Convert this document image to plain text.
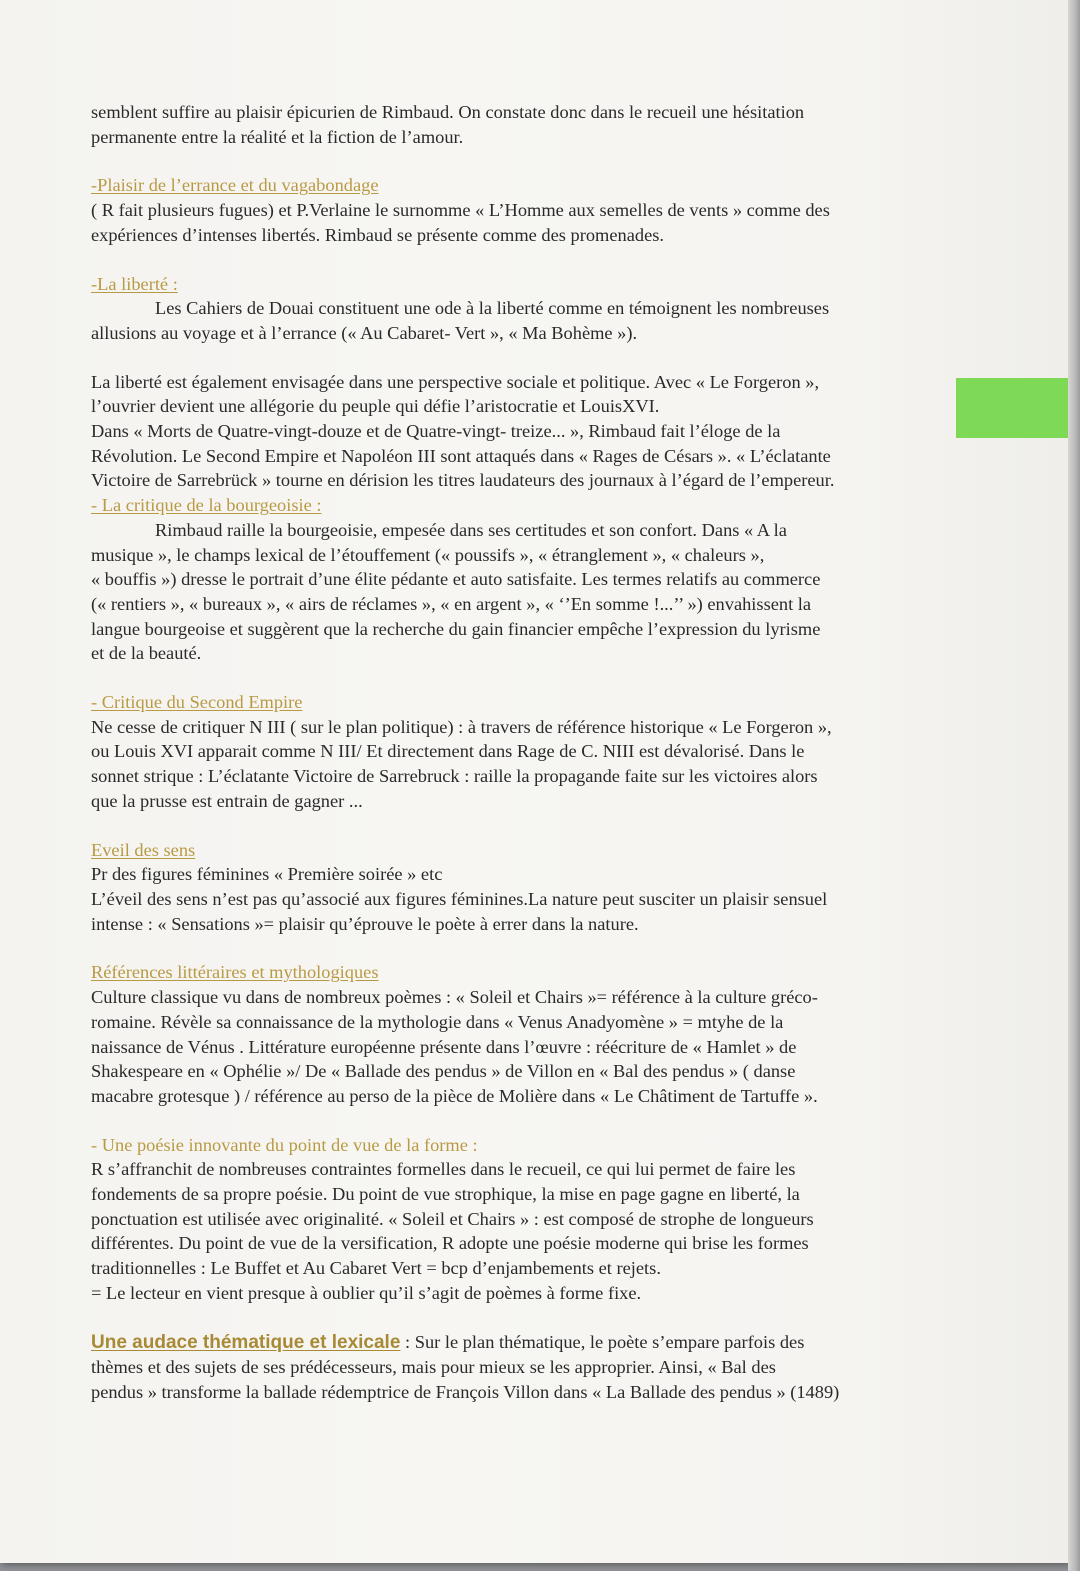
semblent suffire au plaisir épicurien de Rimbaud. On constate donc dans le recueil une hésitation
permanente entre la réalité et la fiction de l’amour.
-Plaisir de l’errance et du vagabondage
( R fait plusieurs fugues) et P.Verlaine le surnomme « L’Homme aux semelles de vents » comme des
expériences d’intenses libertés. Rimbaud se présente comme des promenades.
-La liberté :
Les Cahiers de Douai constituent une ode à la liberté comme en témoignent les nombreuses
allusions au voyage et à l’errance (« Au Cabaret- Vert », « Ma Bohème »).
La liberté est également envisagée dans une perspective sociale et politique. Avec « Le Forgeron »,
l’ouvrier devient une allégorie du peuple qui défie l’aristocratie et LouisXVI.
Dans « Morts de Quatre-vingt-douze et de Quatre-vingt- treize... », Rimbaud fait l’éloge de la
Révolution. Le Second Empire et Napoléon III sont attaqués dans « Rages de Césars ». « L’éclatante
Victoire de Sarrebrück » tourne en dérision les titres laudateurs des journaux à l’égard de l’empereur.
- La critique de la bourgeoisie :
Rimbaud raille la bourgeoisie, empesée dans ses certitudes et son confort. Dans « A la
musique », le champs lexical de l’étouffement (« poussifs », « étranglement », « chaleurs »,
« bouffis ») dresse le portrait d’une élite pédante et auto satisfaite. Les termes relatifs au commerce
(« rentiers », « bureaux », « airs de réclames », « en argent », « ‘’En somme !...’’ ») envahissent la
langue bourgeoise et suggèrent que la recherche du gain financier empêche l’expression du lyrisme
et de la beauté.
- Critique du Second Empire
Ne cesse de critiquer N III ( sur le plan politique) : à travers de référence historique « Le Forgeron »,
ou Louis XVI apparait comme N III/ Et directement dans Rage de C. NIII est dévalorisé. Dans le
sonnet strique : L’éclatante Victoire de Sarrebruck : raille la propagande faite sur les victoires alors
que la prusse est entrain de gagner ...
Eveil des sens
Pr des figures féminines « Première soirée » etc
L’éveil des sens n’est pas qu’associé aux figures féminines.La nature peut susciter un plaisir sensuel
intense : « Sensations »= plaisir qu’éprouve le poète à errer dans la nature.
Références littéraires et mythologiques
Culture classique vu dans de nombreux poèmes : « Soleil et Chairs »= référence à la culture gréco-
romaine. Révèle sa connaissance de la mythologie dans « Venus Anadyomène » = mtyhe de la
naissance de Vénus . Littérature européenne présente dans l’œuvre : réécriture de « Hamlet » de
Shakespeare en « Ophélie »/ De « Ballade des pendus » de Villon en « Bal des pendus » ( danse
macabre grotesque ) / référence au perso de la pièce de Molière dans « Le Châtiment de Tartuffe ».
- Une poésie innovante du point de vue de la forme :
R s’affranchit de nombreuses contraintes formelles dans le recueil, ce qui lui permet de faire les
fondements de sa propre poésie. Du point de vue strophique, la mise en page gagne en liberté, la
ponctuation est utilisée avec originalité. « Soleil et Chairs » : est composé de strophe de longueurs
différentes. Du point de vue de la versification, R adopte une poésie moderne qui brise les formes
traditionnelles : Le Buffet et Au Cabaret Vert = bcp d’enjambements et rejets.
= Le lecteur en vient presque à oublier qu’il s’agit de poèmes à forme fixe.
Une audace thématique et lexicale : Sur le plan thématique, le poète s’empare parfois des
thèmes et des sujets de ses prédécesseurs, mais pour mieux se les approprier. Ainsi, « Bal des
pendus » transforme la ballade rédemptrice de François Villon dans « La Ballade des pendus » (1489)
